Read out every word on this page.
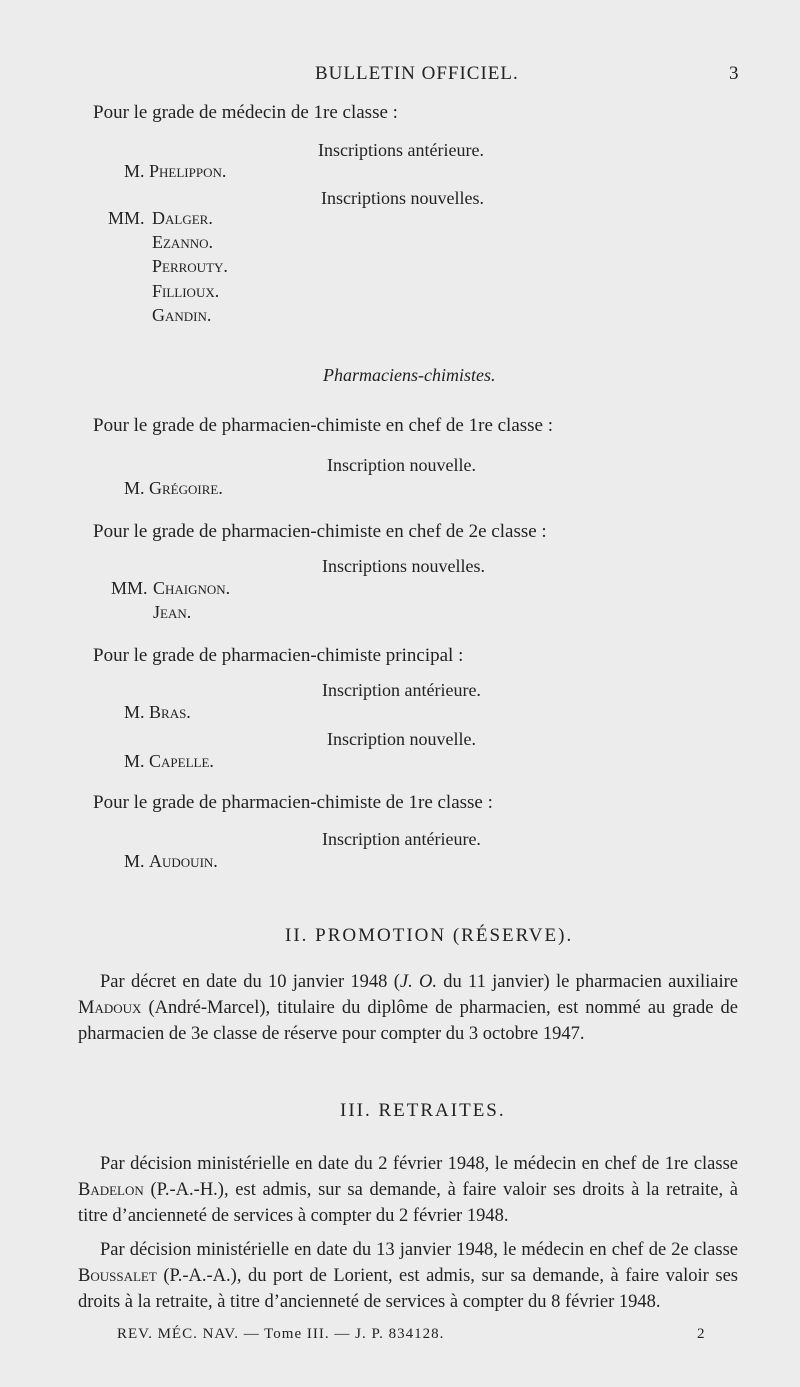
BULLETIN OFFICIEL.	3
Pour le grade de médecin de 1re classe :
Inscriptions antérieure.
M. Phelippon.
Inscriptions nouvelles.
MM. Dalger.
Ezanno.
Perrouty.
Fillioux.
Gandin.
Pharmaciens-chimistes.
Pour le grade de pharmacien-chimiste en chef de 1re classe :
Inscription nouvelle.
M. Grégoire.
Pour le grade de pharmacien-chimiste en chef de 2e classe :
Inscriptions nouvelles.
MM. Chaignon.
Jean.
Pour le grade de pharmacien-chimiste principal :
Inscription antérieure.
M. Bras.
Inscription nouvelle.
M. Capelle.
Pour le grade de pharmacien-chimiste de 1re classe :
Inscription antérieure.
M. Audouin.
II. PROMOTION (RÉSERVE).
Par décret en date du 10 janvier 1948 (J. O. du 11 janvier) le pharmacien auxiliaire Madoux (André-Marcel), titulaire du diplôme de pharmacien, est nommé au grade de pharmacien de 3e classe de réserve pour compter du 3 octobre 1947.
III. RETRAITES.
Par décision ministérielle en date du 2 février 1948, le médecin en chef de 1re classe Badelon (P.-A.-H.), est admis, sur sa demande, à faire valoir ses droits à la retraite, à titre d’ancienneté de services à compter du 2 février 1948.
Par décision ministérielle en date du 13 janvier 1948, le médecin en chef de 2e classe Boussalet (P.-A.-A.), du port de Lorient, est admis, sur sa demande, à faire valoir ses droits à la retraite, à titre d’ancienneté de services à compter du 8 février 1948.
REV. MÉC. NAV. — Tome III. — J. P. 834128.	2
